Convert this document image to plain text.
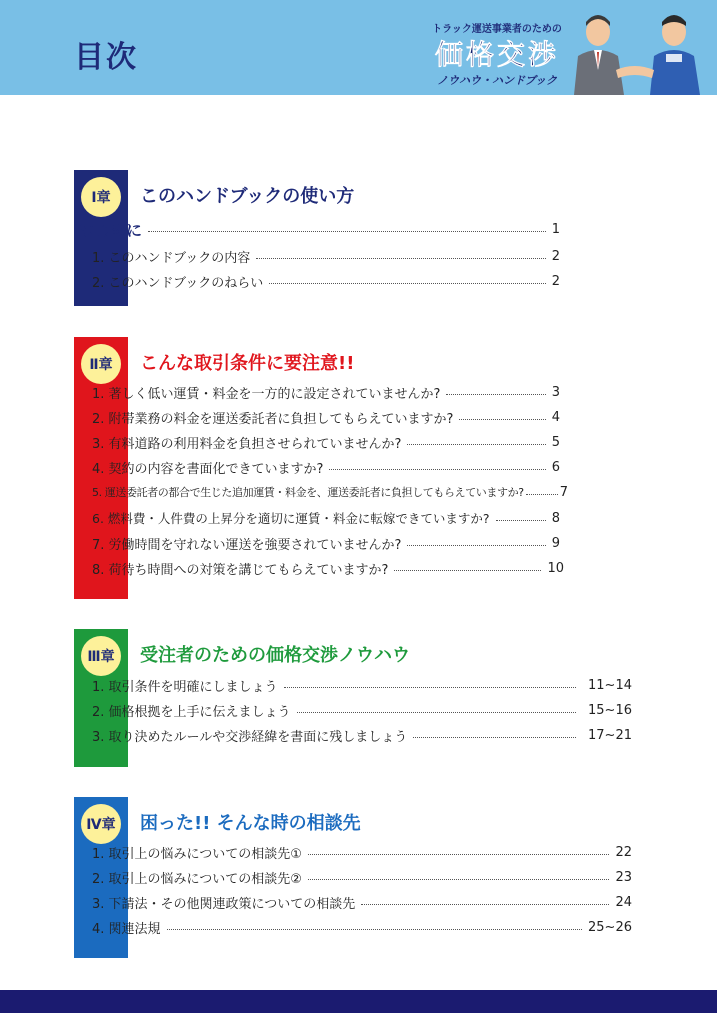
目次
トラック運送事業者のための
価格交渉
ノウハウ・ハンドブック
Ⅰ章	このハンドブックの使い方
はじめに	1
1. このハンドブックの内容	2
2. このハンドブックのねらい	2
Ⅱ章	こんな取引条件に要注意!!
1. 著しく低い運賃・料金を一方的に設定されていませんか?	3
2. 附帯業務の料金を運送委託者に負担してもらえていますか?	4
3. 有料道路の利用料金を負担させられていませんか?	5
4. 契約の内容を書面化できていますか?	6
5. 運送委託者の都合で生じた追加運賃・料金を、運送委託者に負担してもらえていますか?	7
6. 燃料費・人件費の上昇分を適切に運賃・料金に転嫁できていますか?	8
7. 労働時間を守れない運送を強要されていませんか?	9
8. 荷待ち時間への対策を講じてもらえていますか?	10
Ⅲ章	受注者のための価格交渉ノウハウ
1. 取引条件を明確にしましょう	11~14
2. 価格根拠を上手に伝えましょう	15~16
3. 取り決めたルールや交渉経緯を書面に残しましょう	17~21
Ⅳ章 困った!! そんな時の相談先
1. 取引上の悩みについての相談先①	22
2. 取引上の悩みについての相談先②	23
3. 下請法・その他関連政策についての相談先	24
4. 関連法規	25~26
